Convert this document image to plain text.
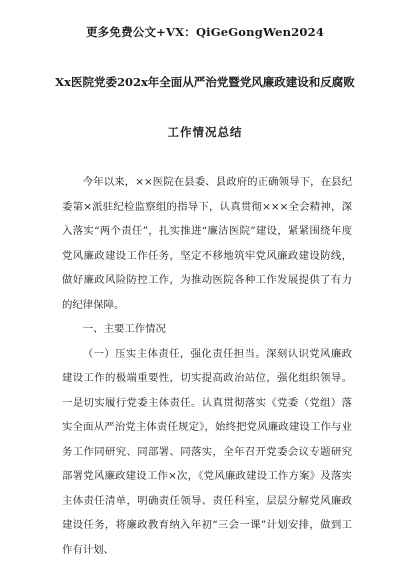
更多免费公文+VX：QiGeGongWen2024
Xx医院党委202x年全面从严治党暨党风廉政建设和反腐败
工作情况总结

今年以来，××医院在县委、县政府的正确领导下，在县纪委第×派驻纪检监察组的指导下，认真贯彻×××全会精神，深入落实“两个责任”，扎实推进“廉洁医院”建设，紧紧围绕年度党风廉政建设工作任务，坚定不移地筑牢党风廉政建设防线，做好廉政风险防控工作，为推动医院各种工作发展提供了有力的纪律保障。

一、主要工作情况

（一）压实主体责任，强化责任担当。深刻认识党风廉政建设工作的极端重要性，切实提高政治站位，强化组织领导。一是切实履行党委主体责任。认真贯彻落实《党委（党组）落实全面从严治党主体责任规定》，始终把党风廉政建设工作与业务工作同研究、同部署、同落实，全年召开党委会议专题研究部署党风廉政建设工作×次，《党风廉政建设工作方案》及落实主体责任清单，明确责任领导、责任科室，层层分解党风廉政建设任务，将廉政教育纳入年初“三会一课”计划安排，做到工作有计划、
